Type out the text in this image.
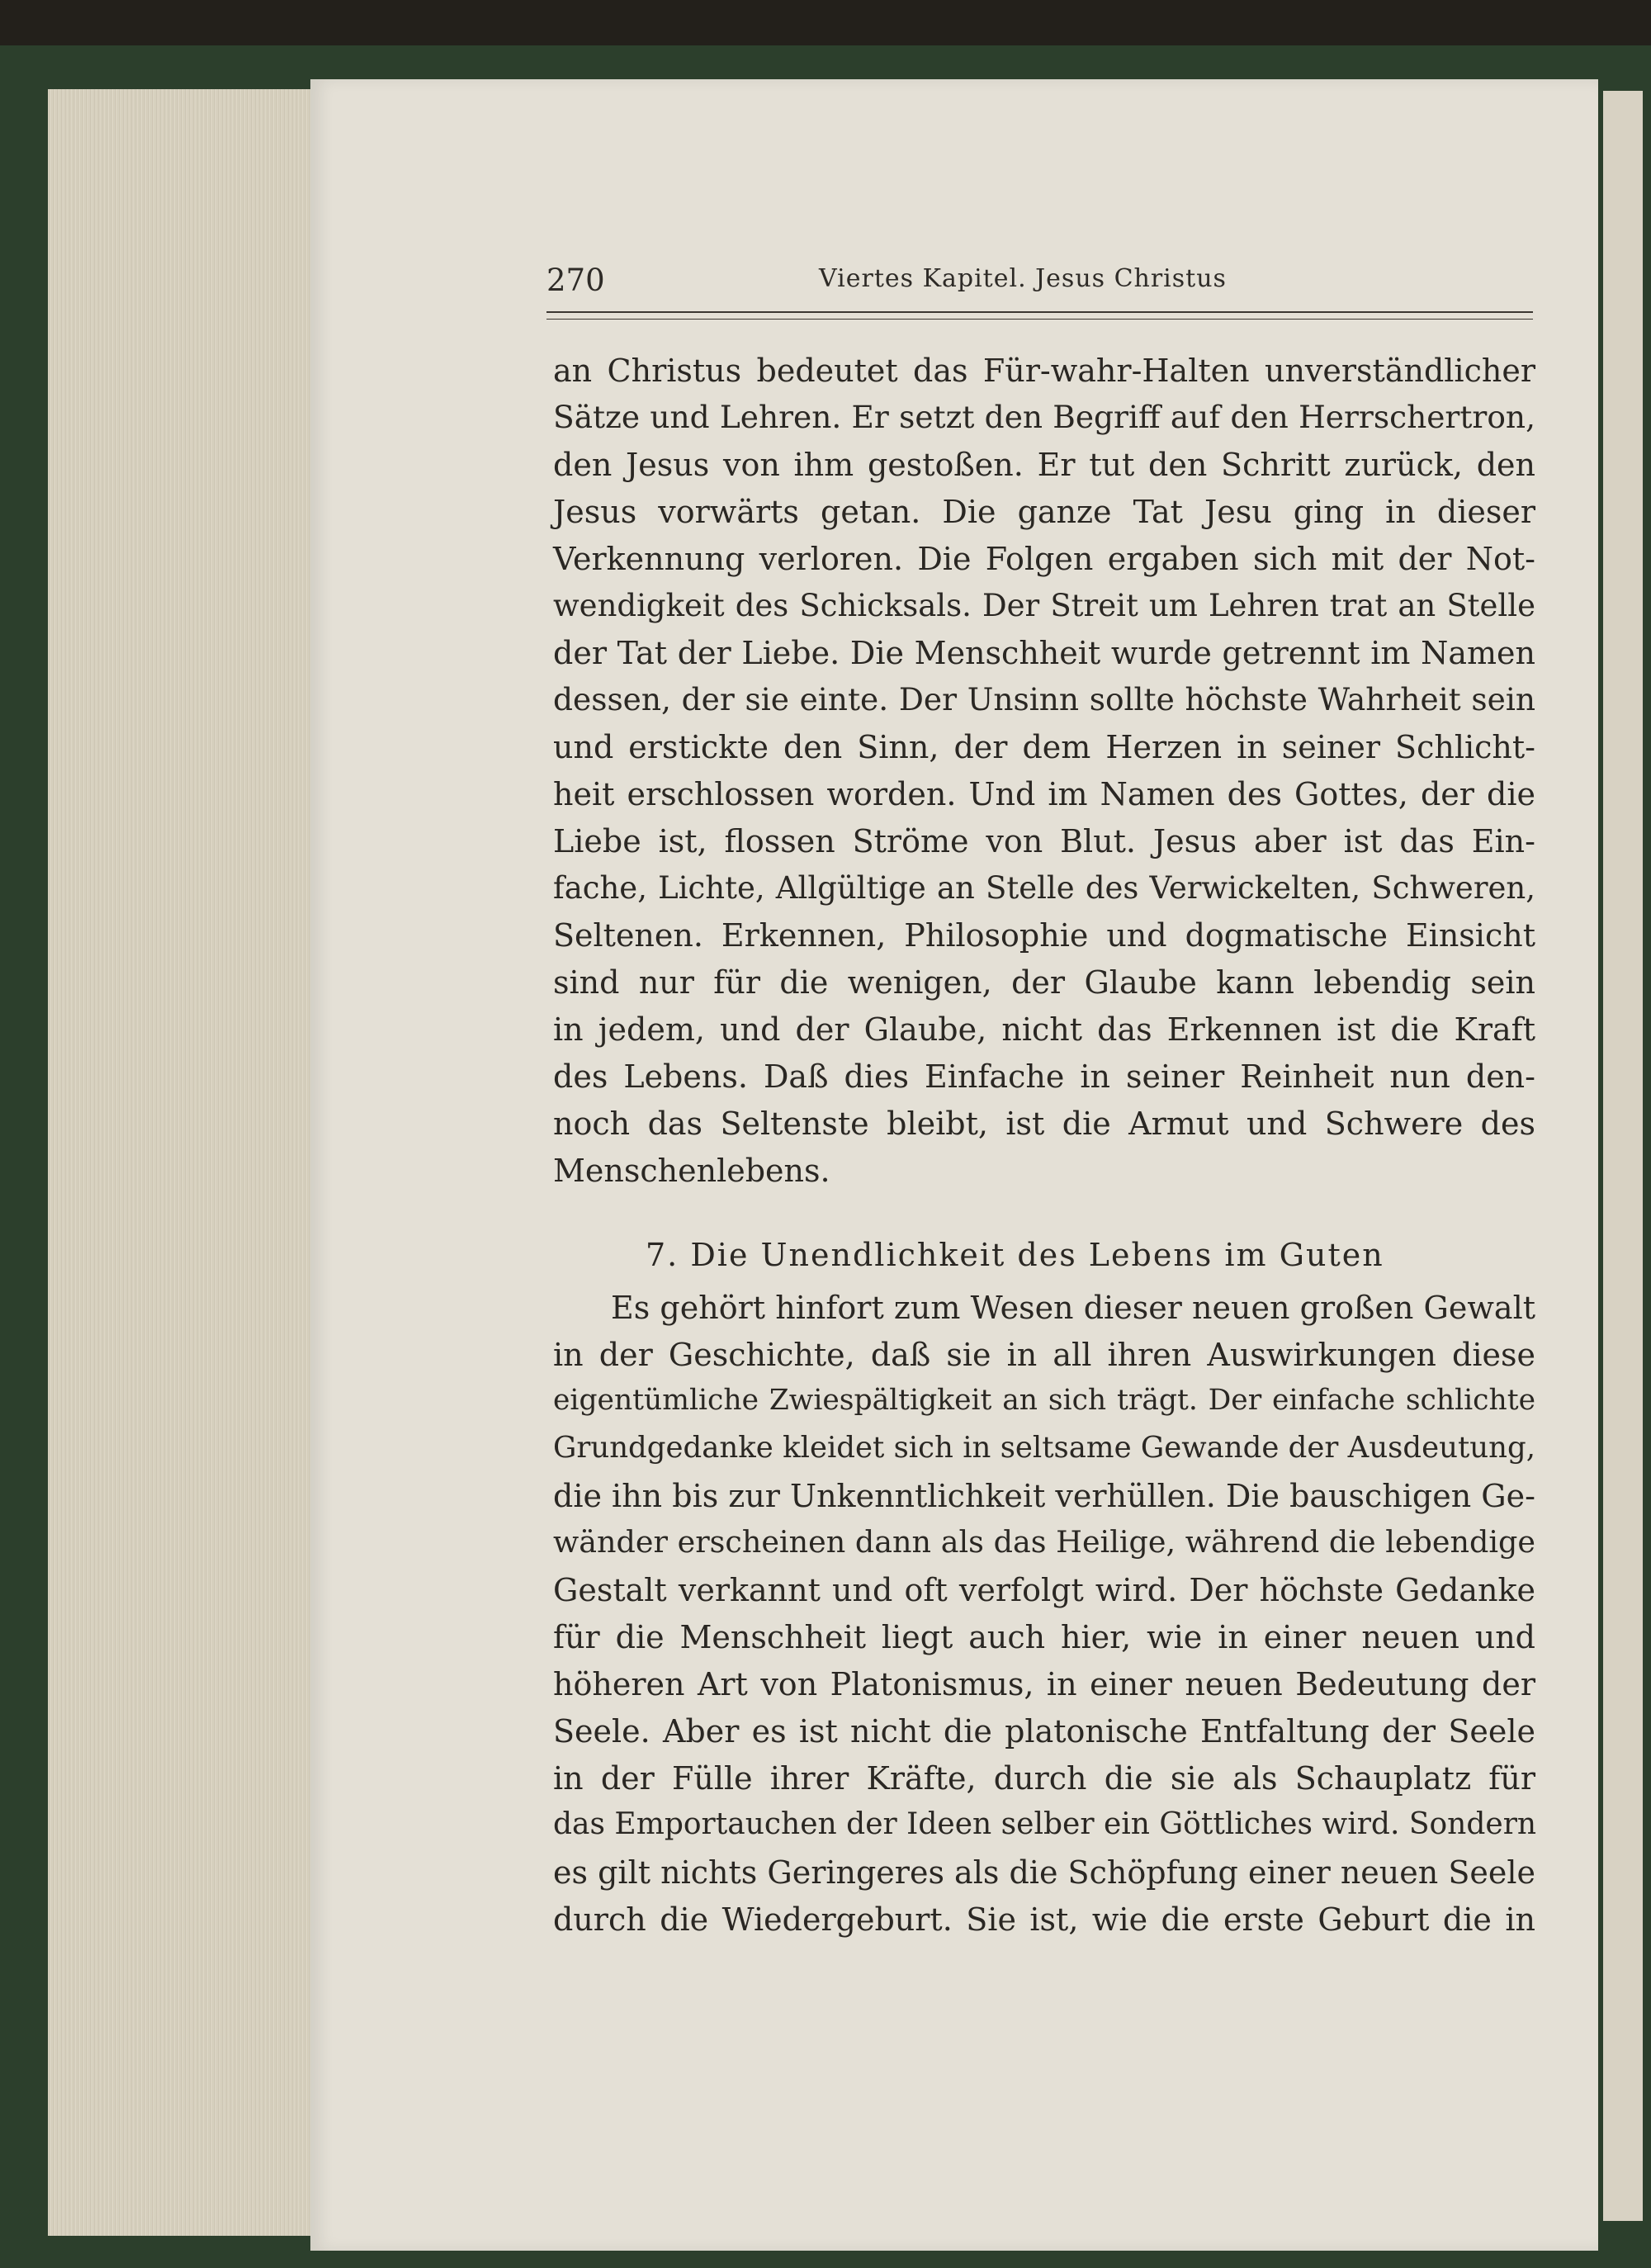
270	Viertes Kapitel. Jesus Christus
an Christus bedeutet das Für-wahr-Halten unverständlicher
Sätze und Lehren. Er setzt den Begriff auf den Herrschertron,
den Jesus von ihm gestoßen. Er tut den Schritt zurück, den
Jesus vorwärts getan. Die ganze Tat Jesu ging in dieser
Verkennung verloren. Die Folgen ergaben sich mit der Not-
wendigkeit des Schicksals. Der Streit um Lehren trat an Stelle
der Tat der Liebe. Die Menschheit wurde getrennt im Namen
dessen, der sie einte. Der Unsinn sollte höchste Wahrheit sein
und erstickte den Sinn, der dem Herzen in seiner Schlicht-
heit erschlossen worden. Und im Namen des Gottes, der die
Liebe ist, flossen Ströme von Blut. Jesus aber ist das Ein-
fache, Lichte, Allgültige an Stelle des Verwickelten, Schweren,
Seltenen. Erkennen, Philosophie und dogmatische Einsicht
sind nur für die wenigen, der Glaube kann lebendig sein
in jedem, und der Glaube, nicht das Erkennen ist die Kraft
des Lebens. Daß dies Einfache in seiner Reinheit nun den-
noch das Seltenste bleibt, ist die Armut und Schwere des
Menschenlebens.
7. Die Unendlichkeit des Lebens im Guten
Es gehört hinfort zum Wesen dieser neuen großen Gewalt
in der Geschichte, daß sie in all ihren Auswirkungen diese
eigentümliche Zwiespältigkeit an sich trägt. Der einfache schlichte
Grundgedanke kleidet sich in seltsame Gewande der Ausdeutung,
die ihn bis zur Unkenntlichkeit verhüllen. Die bauschigen Ge-
wänder erscheinen dann als das Heilige, während die lebendige
Gestalt verkannt und oft verfolgt wird. Der höchste Gedanke
für die Menschheit liegt auch hier, wie in einer neuen und
höheren Art von Platonismus, in einer neuen Bedeutung der
Seele. Aber es ist nicht die platonische Entfaltung der Seele
in der Fülle ihrer Kräfte, durch die sie als Schauplatz für
das Emportauchen der Ideen selber ein Göttliches wird. Sondern
es gilt nichts Geringeres als die Schöpfung einer neuen Seele
durch die Wiedergeburt. Sie ist, wie die erste Geburt die in
